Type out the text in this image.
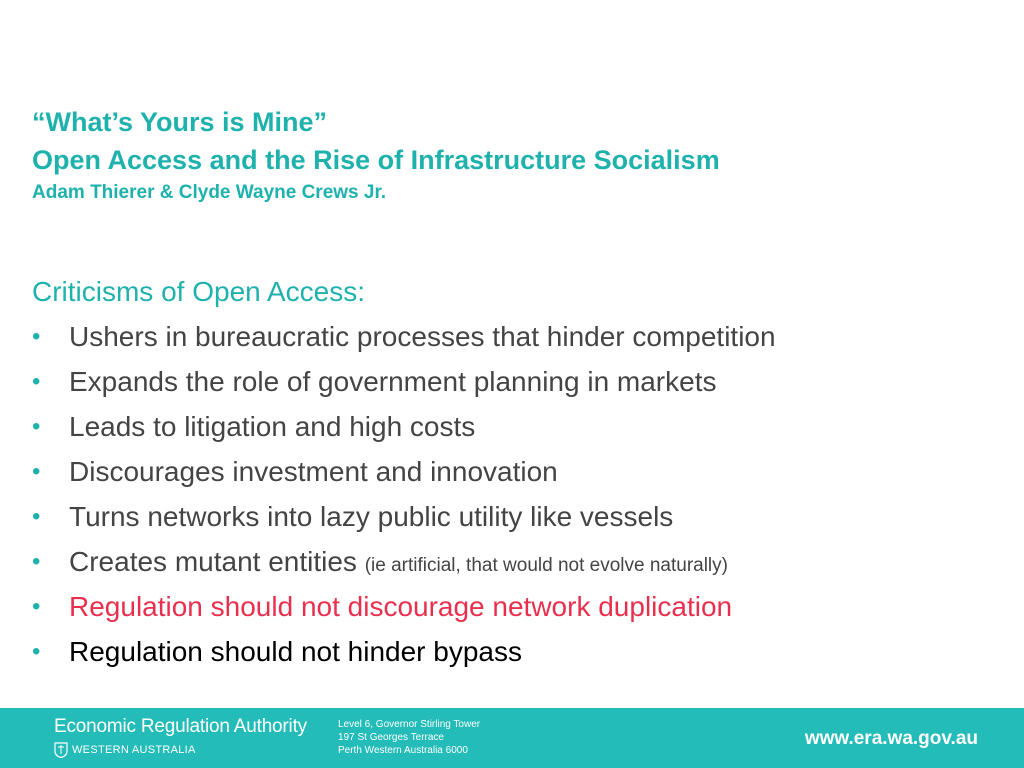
“What’s Yours is Mine”
Open Access and the Rise of Infrastructure Socialism
Adam Thierer & Clyde Wayne Crews Jr.
Criticisms of Open Access:
• Ushers in bureaucratic processes that hinder competition
• Expands the role of government planning in markets
• Leads to litigation and high costs
• Discourages investment and innovation
• Turns networks into lazy public utility like vessels
• Creates mutant entities (ie artificial, that would not evolve naturally)
• Regulation should not discourage network duplication
• Regulation should not hinder bypass
Economic Regulation Authority
WESTERN AUSTRALIA
Level 6, Governor Stirling Tower
197 St Georges Terrace
Perth Western Australia 6000
www.era.wa.gov.au
